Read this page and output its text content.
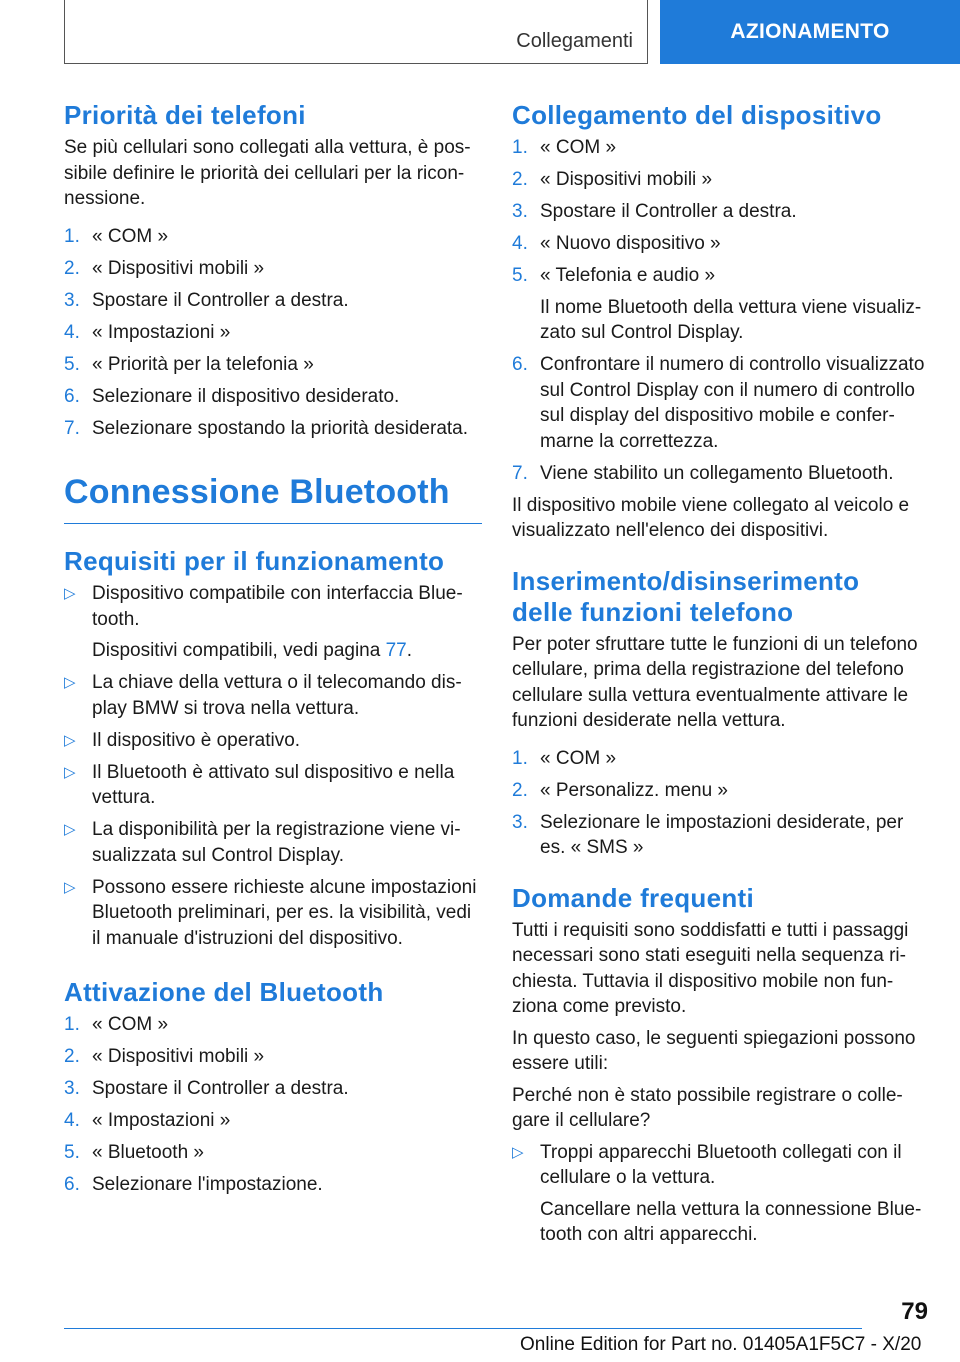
Collegamenti	AZIONAMENTO
Priorità dei telefoni

Se più cellulari sono collegati alla vettura, è pos-sibile definire le priorità dei cellulari per la ricon-nessione.

1. « COM »
2. « Dispositivi mobili »
3. Spostare il Controller a destra.
4. « Impostazioni »
5. « Priorità per la telefonia »
6. Selezionare il dispositivo desiderato.
7. Selezionare spostando la priorità desiderata.
Connessione Bluetooth
Requisiti per il funzionamento
▷ Dispositivo compatibile con interfaccia Blue-tooth.
Dispositivi compatibili, vedi pagina 77.
▷ La chiave della vettura o il telecomando dis-play BMW si trova nella vettura.
▷ Il dispositivo è operativo.
▷ Il Bluetooth è attivato sul dispositivo e nella vettura.
▷ La disponibilità per la registrazione viene vi-sualizzata sul Control Display.
▷ Possono essere richieste alcune impostazioni Bluetooth preliminari, per es. la visibilità, vedi il manuale d'istruzioni del dispositivo.
Attivazione del Bluetooth
1. « COM »
2. « Dispositivi mobili »
3. Spostare il Controller a destra.
4. « Impostazioni »
5. « Bluetooth »
6. Selezionare l'impostazione.
Collegamento del dispositivo
1. « COM »
2. « Dispositivi mobili »
3. Spostare il Controller a destra.
4. « Nuovo dispositivo »
5. « Telefonia e audio »
Il nome Bluetooth della vettura viene visualiz-zato sul Control Display.
6. Confrontare il numero di controllo visualizzato sul Control Display con il numero di controllo sul display del dispositivo mobile e confer-marne la correttezza.
7. Viene stabilito un collegamento Bluetooth.

Il dispositivo mobile viene collegato al veicolo e visualizzato nell'elenco dei dispositivi.

Inserimento/disinserimento delle funzioni telefono

Per poter sfruttare tutte le funzioni di un telefono cellulare, prima della registrazione del telefono cellulare sulla vettura eventualmente attivare le funzioni desiderate nella vettura.

1. « COM »
2. « Personalizz. menu »
3. Selezionare le impostazioni desiderate, per es. « SMS »
Domande frequenti

Tutti i requisiti sono soddisfatti e tutti i passaggi necessari sono stati eseguiti nella sequenza ri-chiesta. Tuttavia il dispositivo mobile non fun-ziona come previsto.

In questo caso, le seguenti spiegazioni possono essere utili:

Perché non è stato possibile registrare o colle-gare il cellulare?

▷ Troppi apparecchi Bluetooth collegati con il cellulare o la vettura.
Cancellare nella vettura la connessione Blue-tooth con altri apparecchi.
79
Online Edition for Part no. 01405A1F5C7 - X/20
